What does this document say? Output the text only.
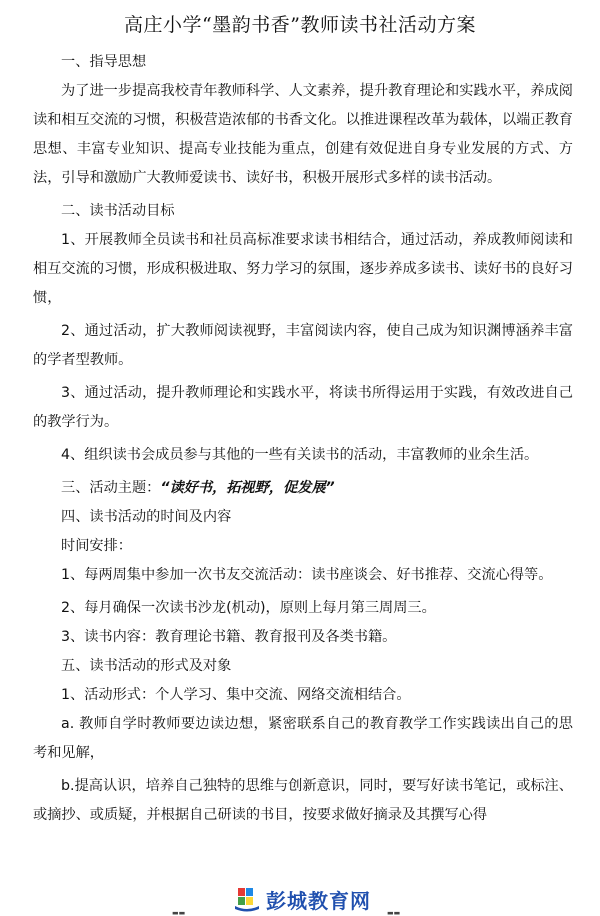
高庄小学“墨韵书香”教师读书社活动方案
一、指导思想

为了进一步提高我校青年教师科学、人文素养，提升教育理论和实践水平，养成阅读和相互交流的习惯，积极营造浓郁的书香文化。以推进课程改革为载体，以端正教育思想、丰富专业知识、提高专业技能为重点，创建有效促进自身专业发展的方式、方法，引导和激励广大教师爱读书、读好书，积极开展形式多样的读书活动。

二、读书活动目标

1、开展教师全员读书和社员高标准要求读书相结合，通过活动，养成教师阅读和相互交流的习惯，形成积极进取、努力学习的氛围，逐步养成多读书、读好书的良好习惯，

2、通过活动，扩大教师阅读视野，丰富阅读内容，使自己成为知识渊博涵养丰富的学者型教师。

3、通过活动，提升教师理论和实践水平，将读书所得运用于实践，有效改进自己的教学行为。

4、组织读书会成员参与其他的一些有关读书的活动，丰富教师的业余生活。

三、活动主题：“读好书，拓视野，促发展”
四、读书活动的时间及内容
时间安排：

1、每两周集中参加一次书友交流活动：读书座谈会、好书推荐、交流心得等。

2、每月确保一次读书沙龙(机动)，原则上每月第三周周三。
3、读书内容：教育理论书籍、教育报刊及各类书籍。
五、读书活动的形式及对象
1、活动形式：个人学习、集中交流、网络交流相结合。

a. 教师自学时教师要边读边想，紧密联系自己的教育教学工作实践读出自己的思考和见解，

b.提高认识，培养自己独特的思维与创新意识，同时，要写好读书笔记，或标注、或摘抄、或质疑，并根据自己研读的书目，按要求做好摘录及其撰写心得

彭城教育网
▬▬	▬▬
